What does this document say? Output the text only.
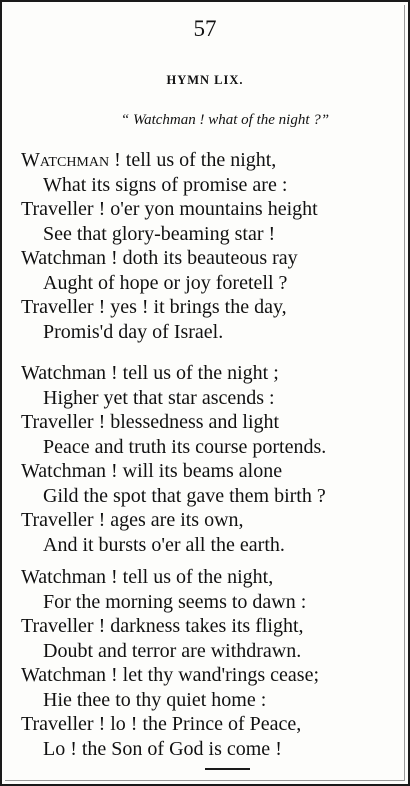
57
HYMN LIX.
“ Watchman ! what of the night ?”
Watchman ! tell us of the night,
What its signs of promise are :
Traveller ! o'er yon mountains height
See that glory-beaming star !
Watchman ! doth its beauteous ray
Aught of hope or joy foretell ?
Traveller ! yes ! it brings the day,
Promis'd day of Israel.
Watchman ! tell us of the night ;
Higher yet that star ascends :
Traveller ! blessedness and light
Peace and truth its course portends.
Watchman ! will its beams alone
Gild the spot that gave them birth ?
Traveller ! ages are its own,
And it bursts o'er all the earth.
Watchman ! tell us of the night,
For the morning seems to dawn :
Traveller ! darkness takes its flight,
Doubt and terror are withdrawn.
Watchman ! let thy wand'rings cease;
Hie thee to thy quiet home :
Traveller ! lo ! the Prince of Peace,
Lo ! the Son of God is come !
